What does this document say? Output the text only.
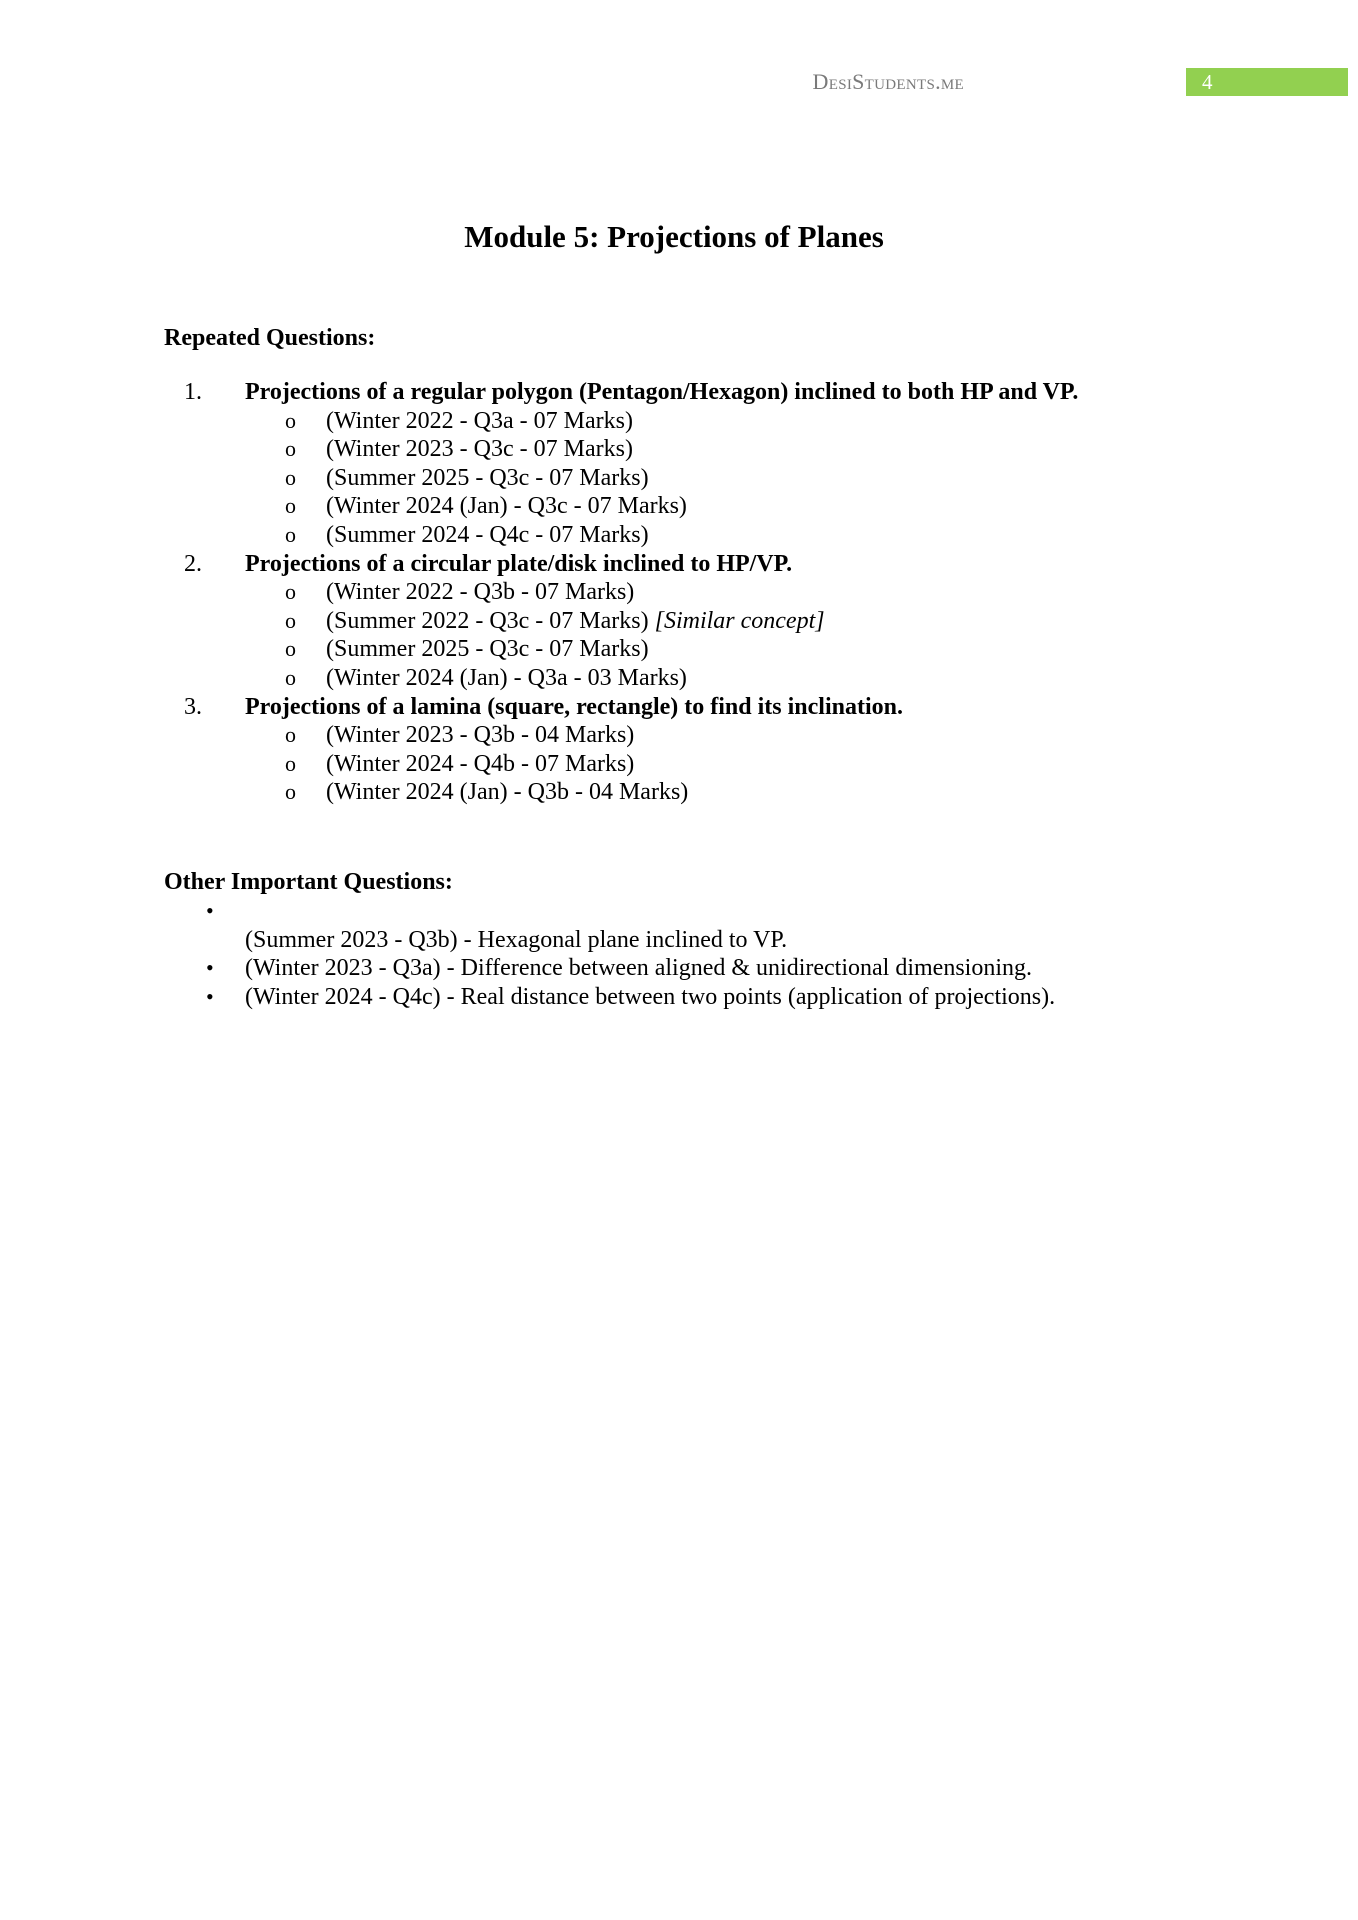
DesiStudents.me	4
Module 5: Projections of Planes
Repeated Questions:
1. Projections of a regular polygon (Pentagon/Hexagon) inclined to both HP and VP.
o (Winter 2022 - Q3a - 07 Marks)
o (Winter 2023 - Q3c - 07 Marks)
o (Summer 2025 - Q3c - 07 Marks)
o (Winter 2024 (Jan) - Q3c - 07 Marks)
o (Summer 2024 - Q4c - 07 Marks)
2. Projections of a circular plate/disk inclined to HP/VP.
o (Winter 2022 - Q3b - 07 Marks)
o (Summer 2022 - Q3c - 07 Marks) [Similar concept]
o (Summer 2025 - Q3c - 07 Marks)
o (Winter 2024 (Jan) - Q3a - 03 Marks)
3. Projections of a lamina (square, rectangle) to find its inclination.
o (Winter 2023 - Q3b - 04 Marks)
o (Winter 2024 - Q4b - 07 Marks)
o (Winter 2024 (Jan) - Q3b - 04 Marks)
Other Important Questions:
•
(Summer 2023 - Q3b) - Hexagonal plane inclined to VP.
• (Winter 2023 - Q3a) - Difference between aligned & unidirectional dimensioning.
• (Winter 2024 - Q4c) - Real distance between two points (application of projections).
